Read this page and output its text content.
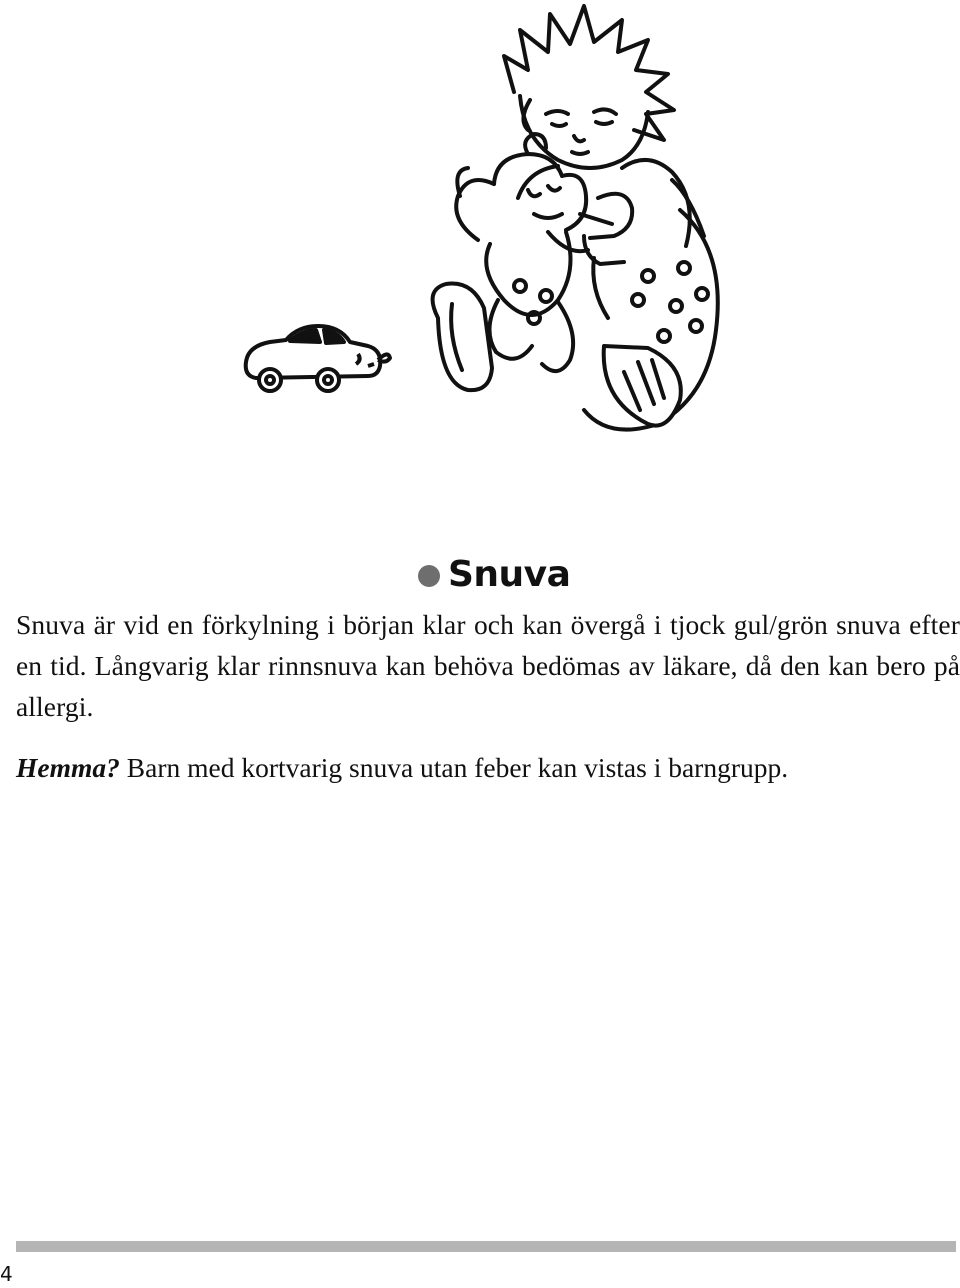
Snuva

Snuva är vid en förkylning i början klar och kan övergå i tjock gul/grön snuva efter en tid. Långvarig klar rinnsnuva kan behöva bedömas av läkare, då den kan bero på allergi.

Hemma? Barn med kortvarig snuva utan feber kan vistas i barngrupp.

4
